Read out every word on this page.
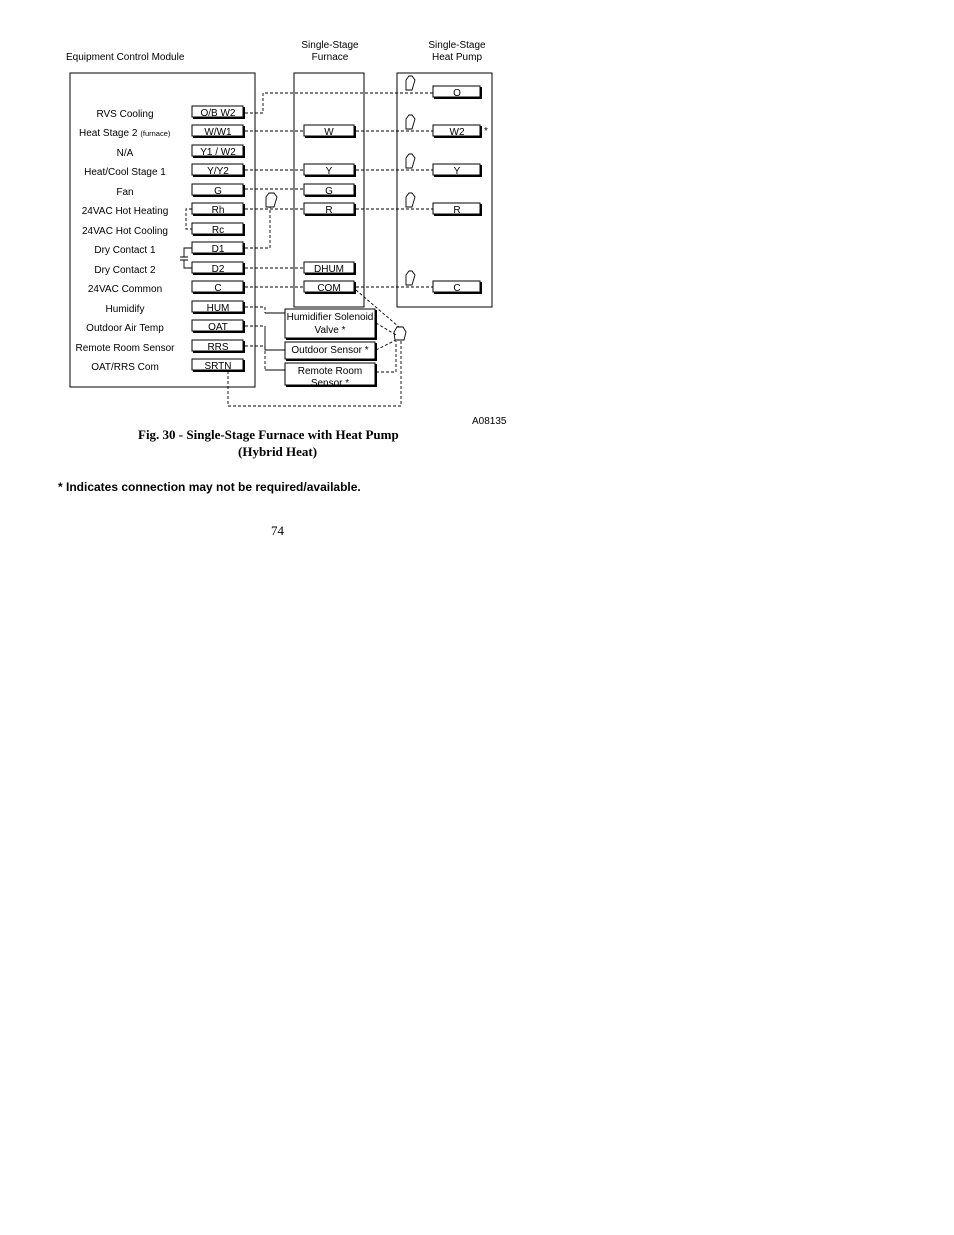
Equipment Control Module
Single-Stage
Furnace
Single-Stage
Heat Pump
RVS Cooling
Heat Stage 2 (furnace)
N/A
Heat/Cool Stage 1
Fan
24VAC Hot Heating
24VAC Hot Cooling
Dry Contact 1
Dry Contact 2
24VAC Common
Humidify
Outdoor Air Temp
Remote Room Sensor
OAT/RRS Com
O/B W2
W/W1
Y1 / W2
Y/Y2
G
Rh
Rc
D1
D2
C
HUM
OAT
RRS
SRTN
W
Y
G
R
DHUM
COM
O
W2 *
Y
R
C
Humidifier Solenoid
Valve *
Outdoor Sensor *
Remote Room
Sensor *
A08135
Fig. 30 - Single-Stage Furnace with Heat Pump
(Hybrid Heat)
* Indicates connection may not be required/available.
74
